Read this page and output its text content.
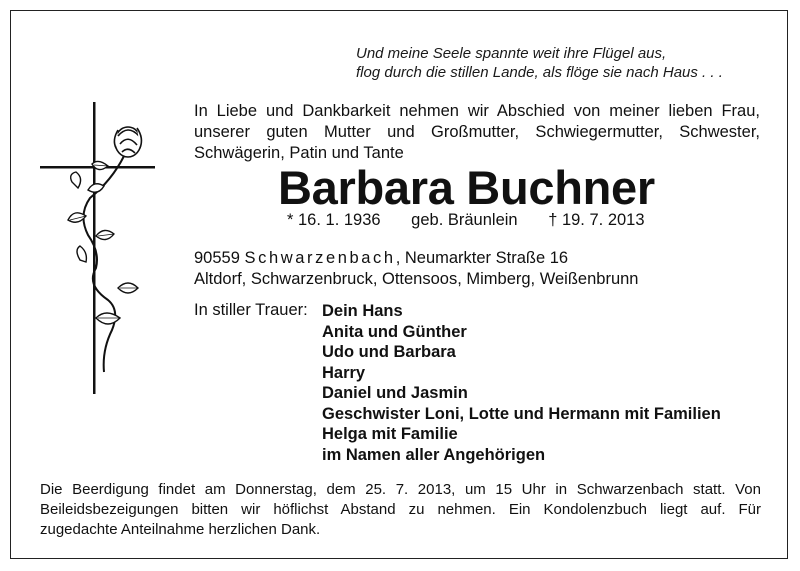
Und meine Seele spannte weit ihre Flügel aus,
flog durch die stillen Lande, als flöge sie nach Haus . . .
In Liebe und Dankbarkeit nehmen wir Abschied von meiner lieben Frau,
unserer guten Mutter und Großmutter, Schwiegermutter, Schwester,
Schwägerin, Patin und Tante
Barbara Buchner
* 16. 1. 1936 geb. Bräunlein † 19. 7. 2013
90559 Schwarzenbach, Neumarkter Straße 16
Altdorf, Schwarzenbruck, Ottensoos, Mimberg, Weißenbrunn
In stiller Trauer: Dein Hans
Anita und Günther
Udo und Barbara
Harry
Daniel und Jasmin
Geschwister Loni, Lotte und Hermann mit Familien
Helga mit Familie
im Namen aller Angehörigen
Die Beerdigung findet am Donnerstag, dem 25. 7. 2013, um 15 Uhr in Schwarzenbach statt. Von
Beileidsbezeigungen bitten wir höflichst Abstand zu nehmen. Ein Kondolenzbuch liegt auf. Für
zugedachte Anteilnahme herzlichen Dank.
